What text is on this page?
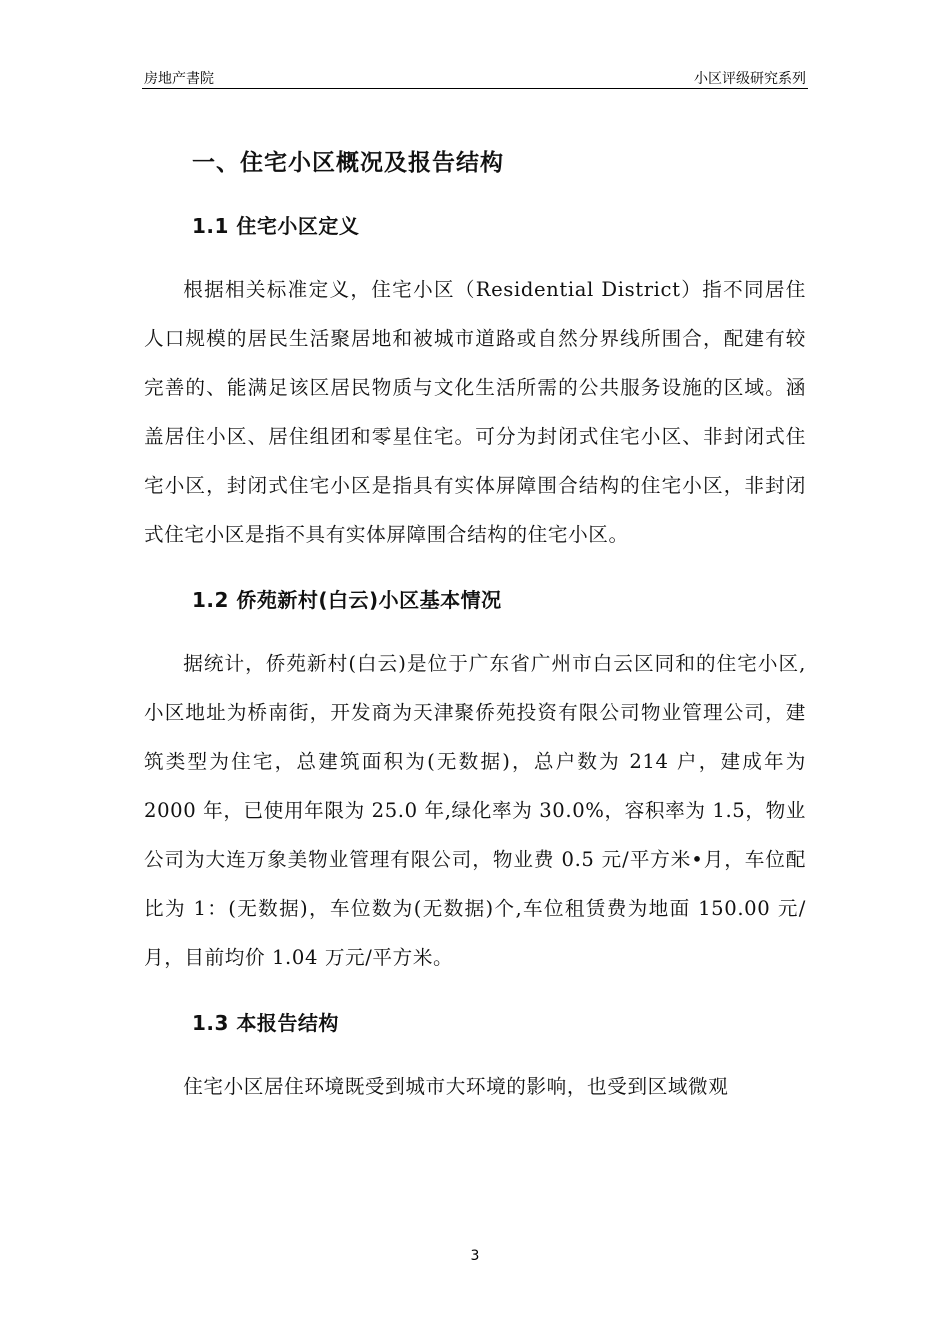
房地产書院	小区评级研究系列
一、住宅小区概况及报告结构
1.1 住宅小区定义

根据相关标准定义，住宅小区（Residential District）指不同居住人口规模的居民生活聚居地和被城市道路或自然分界线所围合，配建有较完善的、能满足该区居民物质与文化生活所需的公共服务设施的区域。涵盖居住小区、居住组团和零星住宅。可分为封闭式住宅小区、非封闭式住宅小区，封闭式住宅小区是指具有实体屏障围合结构的住宅小区，非封闭式住宅小区是指不具有实体屏障围合结构的住宅小区。

1.2 侨苑新村(白云)小区基本情况

据统计，侨苑新村(白云)是位于广东省广州市白云区同和的住宅小区,小区地址为桥南街，开发商为天津聚侨苑投资有限公司物业管理公司，建筑类型为住宅，总建筑面积为(无数据)，总户数为 214 户，建成年为 2000 年，已使用年限为 25.0 年,绿化率为 30.0%，容积率为 1.5，物业公司为大连万象美物业管理有限公司，物业费 0.5 元/平方米•月，车位配比为 1：(无数据)，车位数为(无数据)个,车位租赁费为地面 150.00 元/月，目前均价 1.04 万元/平方米。

1.3 本报告结构

住宅小区居住环境既受到城市大环境的影响，也受到区域微观

3
